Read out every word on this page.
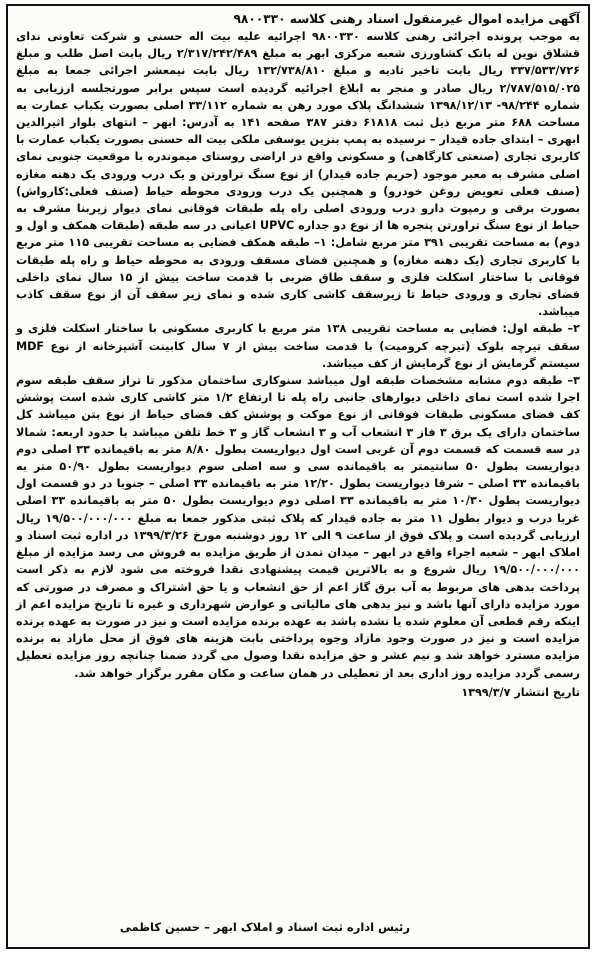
آگهی مزایده اموال غیرمنقول اسناد رهنی کلاسه ۹۸۰۰۳۳۰

به موجب پرونده اجرائی رهنی کلاسه ۹۸۰۰۳۳۰ اجرائیه علیه بیت اله حسنی و شرکت تعاونی ندای قشلاق نوین له بانک کشاورزی شعبه مرکزی ابهر به مبلغ ۲/۳۱۷/۲۴۲/۴۸۹ ریال بابت اصل طلب و مبلغ ۳۳۷/۵۳۳/۷۲۶ ریال بابت تاخیر تادیه و مبلغ ۱۳۲/۷۳۸/۸۱۰ ریال بابت نیمعشر اجرائی جمعا به مبلغ ۲/۷۸۷/۵۱۵/۰۲۵ ریال صادر و منجر به ابلاغ اجرائیه گردیده است سپس برابر صورتجلسه ارزیابی به شماره ۹۸/۲۴۴- ۱۳۹۸/۱۲/۱۳ ششدانگ پلاک مورد رهن به شماره ۳۳/۱۱۲ اصلی بصورت یکباب عمارت به مساحت ۶۸۸ متر مربع ذیل ثبت ۶۱۸۱۸ دفتر ۳۸۷ صفحه ۱۴۱ به آدرس: ابهر – انتهای بلوار اثیرالدین ابهری – ابتدای جاده قیدار – نرسیده به پمپ بنزین یوسفی ملکی بیت اله حسنی بصورت یکباب عمارت با کاربری تجاری (صنعتی کارگاهی) و مسکونی واقع در اراضی روستای میموندره با موقعیت جنوبی نمای اصلی مشرف به معبر موجود (حریم جاده قیدار) از نوع سنگ تراورتن و یک درب ورودی یک دهنه مغازه (صنف فعلی تعویض روغن خودرو) و همچنین یک درب ورودی محوطه حیاط (صنف فعلی:کارواش) بصورت برقی و رمپوت دارو درب ورودی اصلی راه پله طبقات فوقانی نمای دیوار زیربنا مشرف به حیاط از نوع سنگ تراورتن پنجره ها از نوع دو جداره UPVC اعیانی در سه طبقه (طبقات همکف و اول و دوم) به مساحت تقریبی ۳۹۱ متر مربع شامل: ۱– طبقه همکف فضایی به مساحت تقریبی ۱۱۵ متر مربع با کاربری تجاری (یک دهنه مغازه) و همچنین فضای مسقف ورودی به محوطه حیاط و راه پله طبقات فوقانی با ساختار اسکلت فلزی و سقف طاق ضربی با قدمت ساخت بیش از ۱۵ سال نمای داخلی فضای تجاری و ورودی حیاط تا زیرسقف کاشی کاری شده و نمای زیر سقف آن از نوع سقف کاذب میباشد.

۲– طبقه اول: فضایی به مساحت تقریبی ۱۳۸ متر مربع با کاربری مسکونی با ساختار اسکلت فلزی و سقف تیرچه بلوک (تیرچه کرومیت) با قدمت ساخت بیش از ۷ سال کابینت آشپزخانه از نوع MDF سیستم گرمایش از نوع گرمایش از کف میباشد.

۳– طبقه دوم مشابه مشخصات طبقه اول میباشد سنوکاری ساختمان مذکور تا تراز سقف طبقه سوم اجرا شده است نمای داخلی دیوارهای جانبی راه پله تا ارتفاع ۱/۲ متر کاشی کاری شده است پوشش کف فضای مسکونی طبقات فوقانی از نوع موکت و پوشش کف فضای حیاط از نوع بتن میباشد کل ساختمان دارای یک برق ۳ فاز ۳ انشعاب آب و ۳ انشعاب گاز و ۳ خط تلفن میباشد با حدود اربعه: شمالا در سه قسمت که قسمت دوم آن غربی است اول دیواریست بطول ۸/۸۰ متر به باقیمانده ۳۳ اصلی دوم دیواریست بطول ۵۰ سانتیمتر به باقیمانده سی و سه اصلی سوم دیواریست بطول ۵۰/۹۰ متر به باقیمانده ۳۳ اصلی – شرقا دیواریست بطول ۱۲/۲۰ متر به باقیمانده ۳۳ اصلی – جنوبا در دو قسمت اول دیواریست بطول ۱۰/۳۰ متر به باقیمانده ۳۳ اصلی دوم دیواریست بطول ۵۰ متر به باقیمانده ۳۳ اصلی غربا درب و دیوار بطول ۱۱ متر به جاده قیدار که پلاک ثبتی مذکور جمعا به مبلغ ۱۹/۵۰۰/۰۰۰/۰۰۰ ریال ارزیابی گردیده است و پلاک فوق از ساعت ۹ الی ۱۲ روز دوشنبه مورخ ۱۳۹۹/۳/۲۶ در اداره ثبت اسناد و املاک ابهر – شعبه اجراء واقع در ابهر – میدان تمدن از طریق مزایده به فروش می رسد مزایده از مبلغ ۱۹/۵۰۰/۰۰۰/۰۰۰ ریال شروع و به بالاترین قیمت پیشنهادی نقدا فروخته می شود لازم به ذکر است پرداخت بدهی های مربوط به آب برق گاز اعم از حق انشعاب و یا حق اشتراک و مصرف در صورتی که مورد مزایده دارای آنها باشد و نیز بدهی های مالیاتی و عوارض شهرداری و غیره تا تاریخ مزایده اعم از اینکه رقم قطعی آن معلوم شده یا نشده باشد به عهده برنده مزایده است و نیز در صورت به عهده برنده مزایده است و نیز در صورت وجود مازاد وجوه پرداختی بابت هزینه های فوق از محل مازاد به برنده مزایده مسترد خواهد شد و نیم عشر و حق مزایده نقدا وصول می گردد ضمنا چنانچه روز مزایده تعطیل رسمی گردد مزایده روز اداری بعد از تعطیلی در همان ساعت و مکان مقرر برگزار خواهد شد.

تاریخ انتشار ۱۳۹۹/۳/۷

رئیس اداره ثبت اسناد و املاک ابهر – حسین کاظمی
